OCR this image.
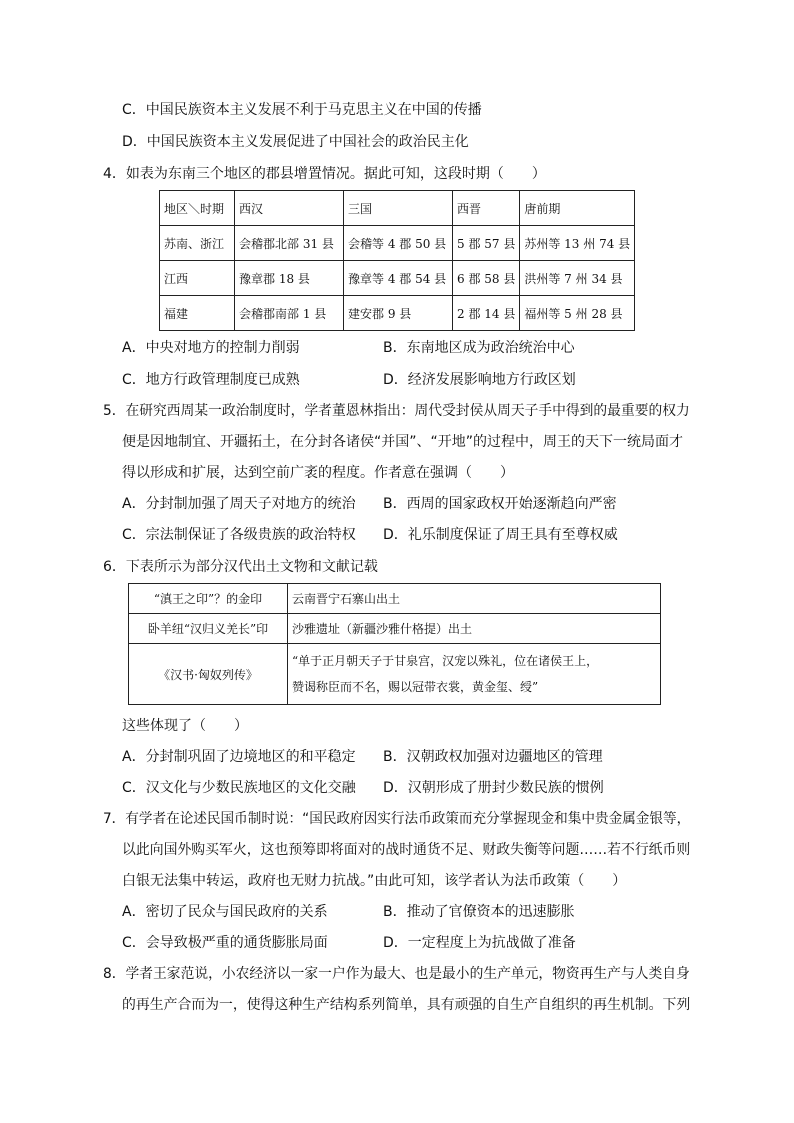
C．中国民族资本主义发展不利于马克思主义在中国的传播
D．中国民族资本主义发展促进了中国社会的政治民主化
4．如表为东南三个地区的郡县增置情况。据此可知，这段时期（　　）
地区＼时期	西汉	三国	西晋	唐前期
苏南、浙江	会稽郡北部 31 县	会稽等 4 郡 50 县	5 郡 57 县	苏州等 13 州 74 县
江西	豫章郡 18 县	豫章等 4 郡 54 县	6 郡 58 县	洪州等 7 州 34 县
福建	会稽郡南部 1 县	建安郡 9 县	2 郡 14 县	福州等 5 州 28 县
A．中央对地方的控制力削弱	B．东南地区成为政治统治中心
C．地方行政管理制度已成熟	D．经济发展影响地方行政区划
5．在研究西周某一政治制度时，学者董恩林指出：周代受封侯从周天子手中得到的最重要的权力
便是因地制宜、开疆拓土，在分封各诸侯“并国”、“开地”的过程中，周王的天下一统局面才
得以形成和扩展，达到空前广袤的程度。作者意在强调（　　）
A．分封制加强了周天子对地方的统治 B．西周的国家政权开始逐渐趋向严密
C．宗法制保证了各级贵族的政治特权 D．礼乐制度保证了周王具有至尊权威
6．下表所示为部分汉代出土文物和文献记载
“滇王之印”？的金印	云南晋宁石寨山出土
卧羊纽“汉归义羌长”印	沙雅遗址（新疆沙雅什格提）出土
《汉书·匈奴列传》	“单于正月朝天子于甘泉宫，汉宠以殊礼，位在诸侯王上，
赞谒称臣而不名，赐以冠带衣裳，黄金玺、绶”
这些体现了（　　）
A．分封制巩固了边境地区的和平稳定 B．汉朝政权加强对边疆地区的管理
C．汉文化与少数民族地区的文化交融 D．汉朝形成了册封少数民族的惯例
7．有学者在论述民国币制时说：“国民政府因实行法币政策而充分掌握现金和集中贵金属金银等，
以此向国外购买军火，这也预筹即将面对的战时通货不足、财政失衡等问题……若不行纸币则
白银无法集中转运，政府也无财力抗战。”由此可知，该学者认为法币政策（　　）
A．密切了民众与国民政府的关系	B．推动了官僚资本的迅速膨胀
C．会导致极严重的通货膨胀局面	D．一定程度上为抗战做了准备
8．学者王家范说，小农经济以一家一户作为最大、也是最小的生产单元，物资再生产与人类自身
的再生产合而为一，使得这种生产结构系列简单，具有顽强的自生产自组织的再生机制。下列
